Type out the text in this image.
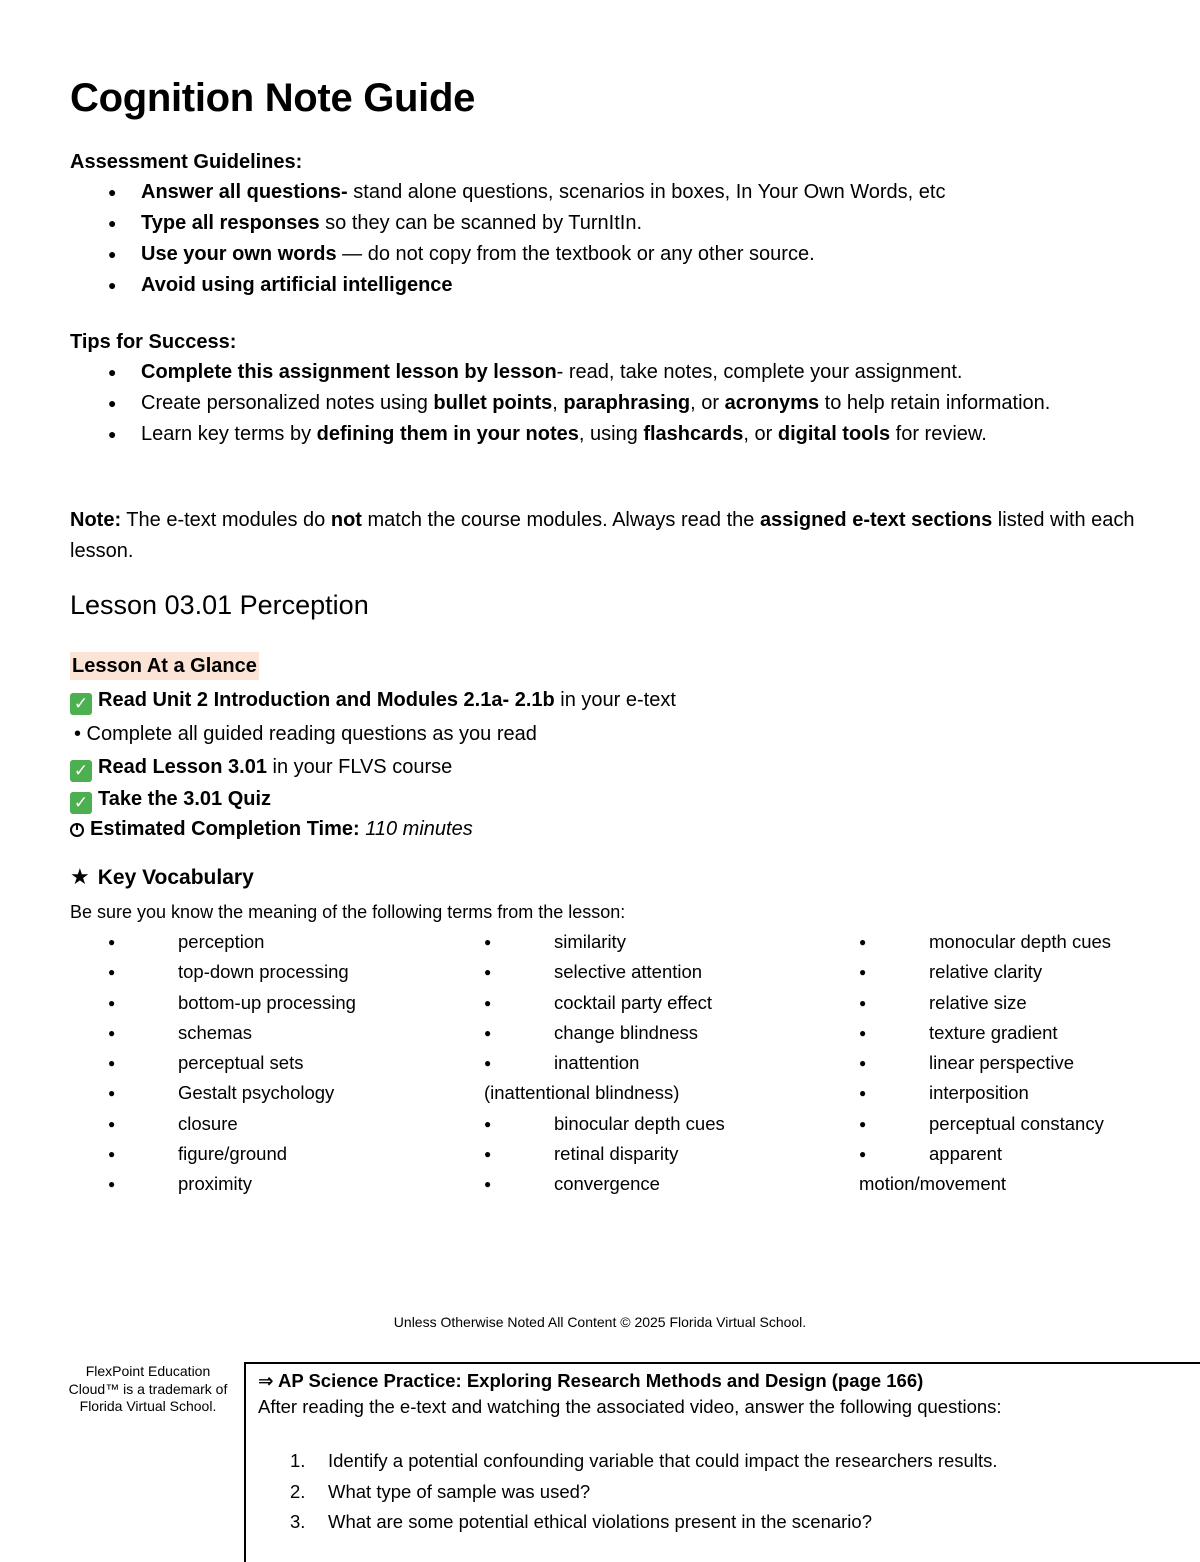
Cognition Note Guide
Assessment Guidelines:
● Answer all questions- stand alone questions, scenarios in boxes, In Your Own Words, etc
● Type all responses so they can be scanned by TurnItIn.
● Use your own words — do not copy from the textbook or any other source.
● Avoid using artificial intelligence
Tips for Success:
● Complete this assignment lesson by lesson- read, take notes, complete your assignment.
● Create personalized notes using bullet points, paraphrasing, or acronyms to help retain information.
● Learn key terms by defining them in your notes, using flashcards, or digital tools for review.
Note: The e-text modules do not match the course modules. Always read the assigned e-text sections listed with each lesson.
Lesson 03.01 Perception
Lesson At a Glance
✓ Read Unit 2 Introduction and Modules 2.1a- 2.1b in your e-text
• Complete all guided reading questions as you read
✓ Read Lesson 3.01 in your FLVS course
✓ Take the 3.01 Quiz
Estimated Completion Time: 110 minutes
★ Key Vocabulary
Be sure you know the meaning of the following terms from the lesson:
perception
top-down processing
bottom-up processing
schemas
perceptual sets
Gestalt psychology
closure
figure/ground
proximity
similarity
selective attention
cocktail party effect
change blindness
inattention
(inattentional blindness)
binocular depth cues
retinal disparity
convergence
monocular depth cues
relative clarity
relative size
texture gradient
linear perspective
interposition
perceptual constancy
apparent
motion/movement
Unless Otherwise Noted All Content © 2025 Florida Virtual School.
FlexPoint Education Cloud™ is a trademark of Florida Virtual School.
⇒ AP Science Practice: Exploring Research Methods and Design (page 166)
After reading the e-text and watching the associated video, answer the following questions:
1. Identify a potential confounding variable that could impact the researchers results.
2. What type of sample was used?
3. What are some potential ethical violations present in the scenario?
